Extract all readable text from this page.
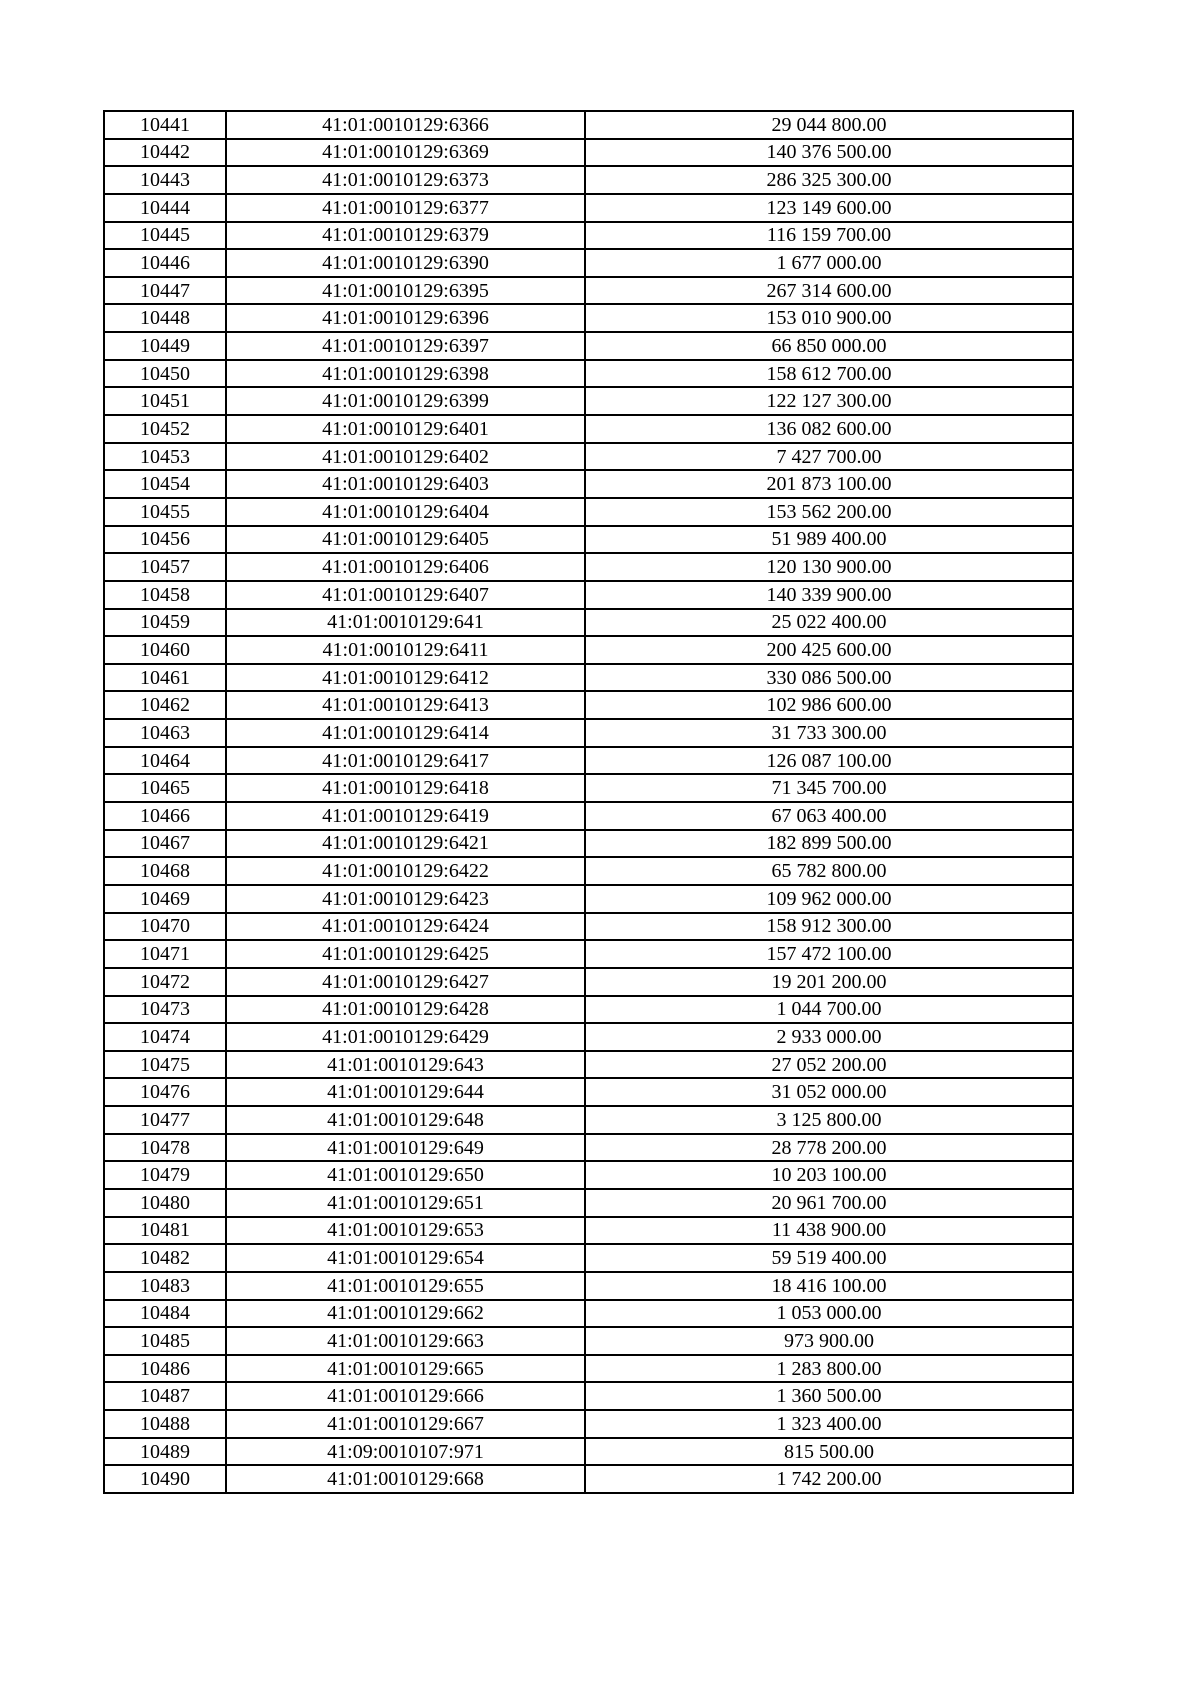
10441	41:01:0010129:6366	29 044 800.00
10442	41:01:0010129:6369	140 376 500.00
10443	41:01:0010129:6373	286 325 300.00
10444	41:01:0010129:6377	123 149 600.00
10445	41:01:0010129:6379	116 159 700.00
10446	41:01:0010129:6390	1 677 000.00
10447	41:01:0010129:6395	267 314 600.00
10448	41:01:0010129:6396	153 010 900.00
10449	41:01:0010129:6397	66 850 000.00
10450	41:01:0010129:6398	158 612 700.00
10451	41:01:0010129:6399	122 127 300.00
10452	41:01:0010129:6401	136 082 600.00
10453	41:01:0010129:6402	7 427 700.00
10454	41:01:0010129:6403	201 873 100.00
10455	41:01:0010129:6404	153 562 200.00
10456	41:01:0010129:6405	51 989 400.00
10457	41:01:0010129:6406	120 130 900.00
10458	41:01:0010129:6407	140 339 900.00
10459	41:01:0010129:641	25 022 400.00
10460	41:01:0010129:6411	200 425 600.00
10461	41:01:0010129:6412	330 086 500.00
10462	41:01:0010129:6413	102 986 600.00
10463	41:01:0010129:6414	31 733 300.00
10464	41:01:0010129:6417	126 087 100.00
10465	41:01:0010129:6418	71 345 700.00
10466	41:01:0010129:6419	67 063 400.00
10467	41:01:0010129:6421	182 899 500.00
10468	41:01:0010129:6422	65 782 800.00
10469	41:01:0010129:6423	109 962 000.00
10470	41:01:0010129:6424	158 912 300.00
10471	41:01:0010129:6425	157 472 100.00
10472	41:01:0010129:6427	19 201 200.00
10473	41:01:0010129:6428	1 044 700.00
10474	41:01:0010129:6429	2 933 000.00
10475	41:01:0010129:643	27 052 200.00
10476	41:01:0010129:644	31 052 000.00
10477	41:01:0010129:648	3 125 800.00
10478	41:01:0010129:649	28 778 200.00
10479	41:01:0010129:650	10 203 100.00
10480	41:01:0010129:651	20 961 700.00
10481	41:01:0010129:653	11 438 900.00
10482	41:01:0010129:654	59 519 400.00
10483	41:01:0010129:655	18 416 100.00
10484	41:01:0010129:662	1 053 000.00
10485	41:01:0010129:663	973 900.00
10486	41:01:0010129:665	1 283 800.00
10487	41:01:0010129:666	1 360 500.00
10488	41:01:0010129:667	1 323 400.00
10489	41:09:0010107:971	815 500.00
10490	41:01:0010129:668	1 742 200.00
